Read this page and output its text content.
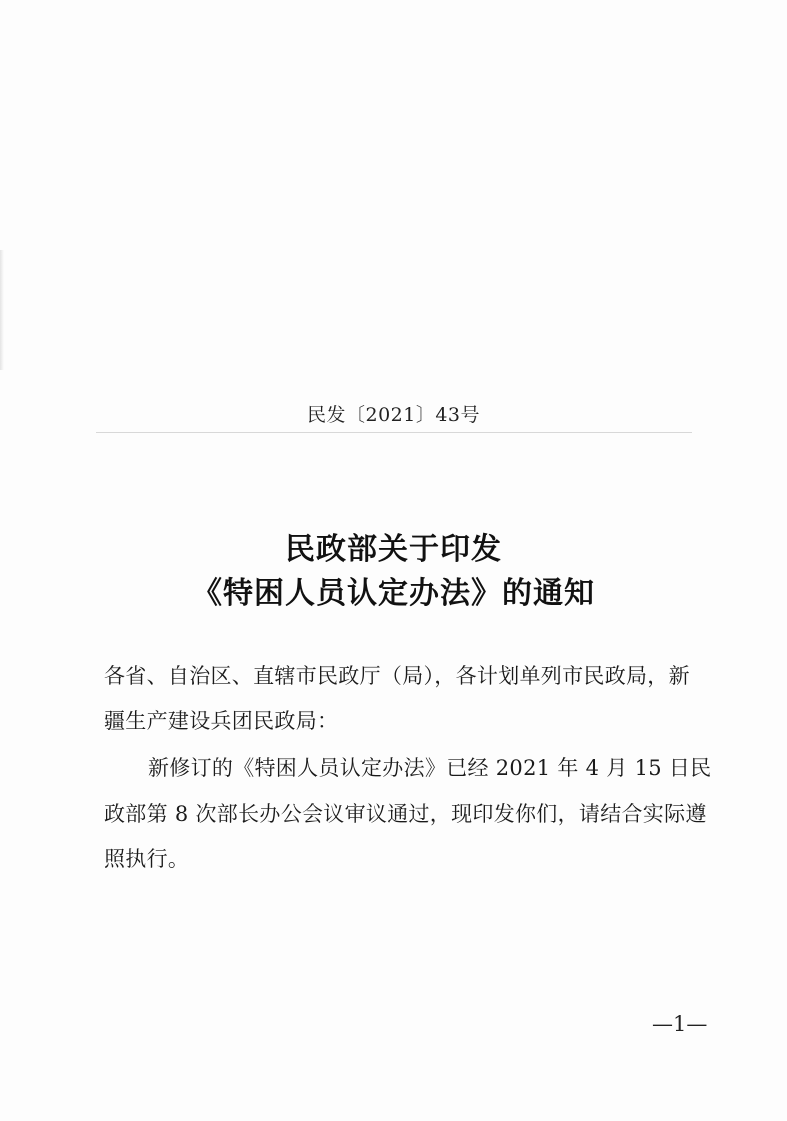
民发〔2021〕43号
民政部关于印发
《特困人员认定办法》的通知
各省、自治区、直辖市民政厅（局），各计划单列市民政局，新
疆生产建设兵团民政局：
新修订的《特困人员认定办法》已经 2021 年 4 月 15 日民
政部第 8 次部长办公会议审议通过，现印发你们，请结合实际遵
照执行。
—1—
